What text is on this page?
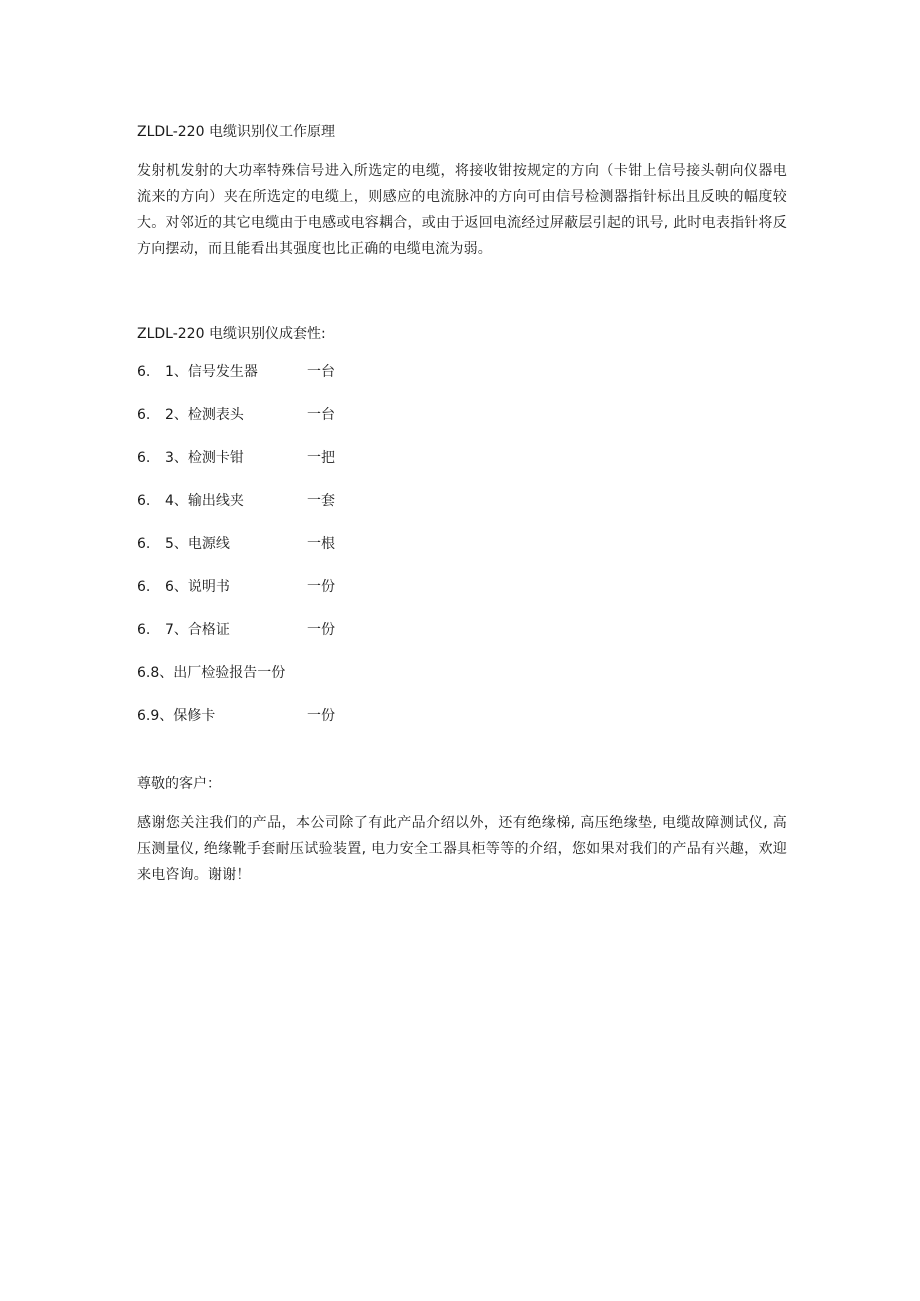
ZLDL-220 电缆识别仪工作原理

发射机发射的大功率特殊信号进入所选定的电缆，将接收钳按规定的方向（卡钳上信号接头朝向仪器电流来的方向）夹在所选定的电缆上，则感应的电流脉冲的方向可由信号检测器指针标出且反映的幅度较大。对邻近的其它电缆由于电感或电容耦合，或由于返回电流经过屏蔽层引起的讯号, 此时电表指针将反方向摆动，而且能看出其强度也比正确的电缆电流为弱。

ZLDL-220 电缆识别仪成套性:
6. 1、信号发生器	一台
6. 2、检测表头	一台
6. 3、检测卡钳	一把
6. 4、输出线夹	一套
6. 5、电源线	一根
6. 6、说明书	一份
6. 7、合格证	一份
6.8、出厂检验报告一份
6.9、保修卡	一份
尊敬的客户：

感谢您关注我们的产品，本公司除了有此产品介绍以外，还有绝缘梯, 高压绝缘垫, 电缆故障测试仪, 高压测量仪, 绝缘靴手套耐压试验装置, 电力安全工器具柜等等的介绍，您如果对我们的产品有兴趣，欢迎来电咨询。谢谢！
